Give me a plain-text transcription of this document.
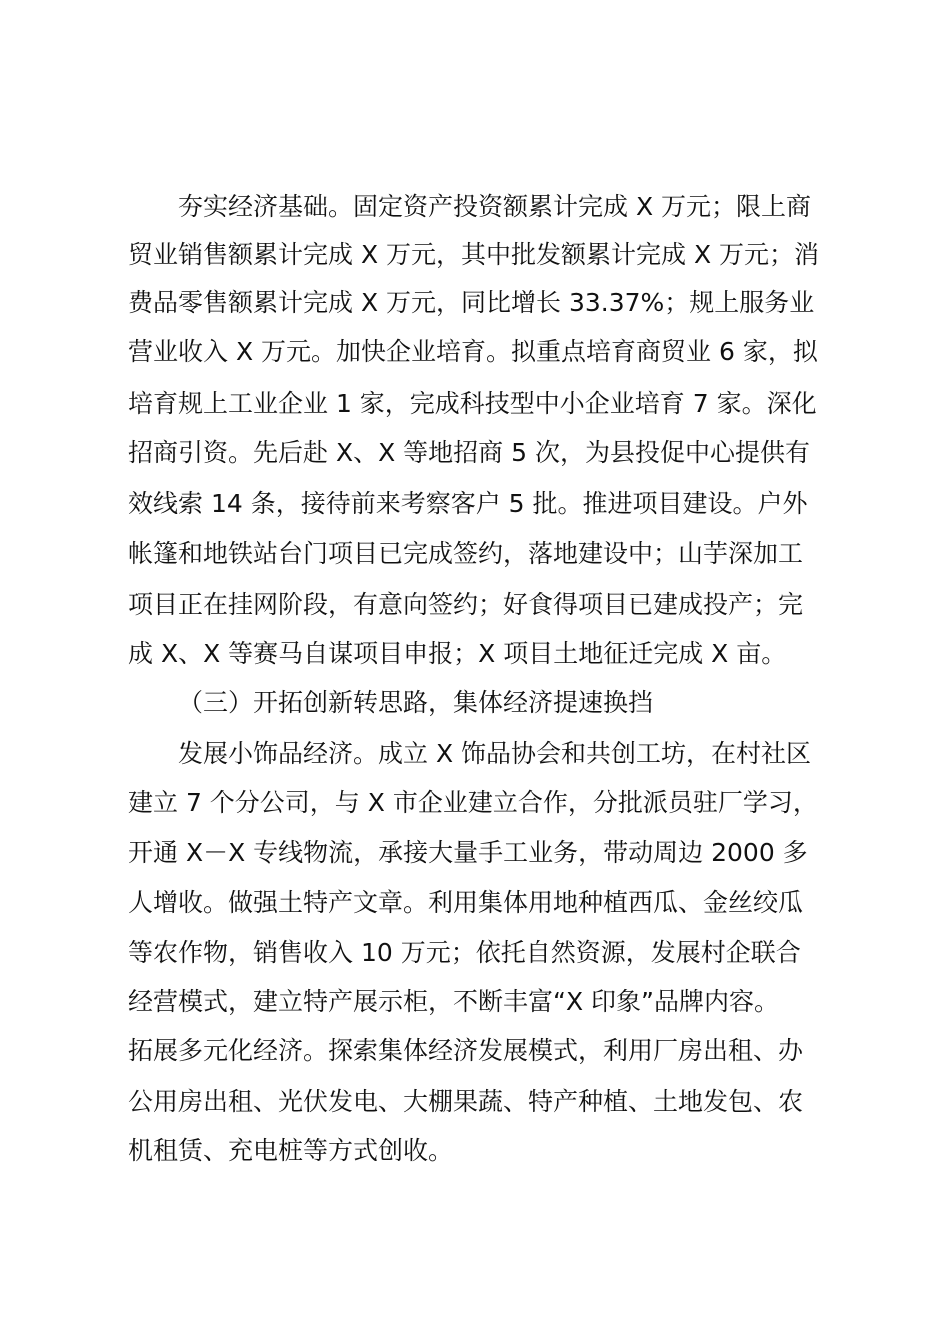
夯实经济基础。固定资产投资额累计完成 X 万元；限上商
贸业销售额累计完成 X 万元，其中批发额累计完成 X 万元；消
费品零售额累计完成 X 万元，同比增长 33.37%；规上服务业
营业收入 X 万元。加快企业培育。拟重点培育商贸业 6 家，拟
培育规上工业企业 1 家，完成科技型中小企业培育 7 家。深化
招商引资。先后赴 X、X 等地招商 5 次，为县投促中心提供有
效线索 14 条，接待前来考察客户 5 批。推进项目建设。户外
帐篷和地铁站台门项目已完成签约，落地建设中；山芋深加工
项目正在挂网阶段，有意向签约；好食得项目已建成投产；完
成 X、X 等赛马自谋项目申报；X 项目土地征迁完成 X 亩。
（三）开拓创新转思路，集体经济提速换挡
发展小饰品经济。成立 X 饰品协会和共创工坊，在村社区
建立 7 个分公司，与 X 市企业建立合作，分批派员驻厂学习，
开通 X－X 专线物流，承接大量手工业务，带动周边 2000 多
人增收。做强土特产文章。利用集体用地种植西瓜、金丝绞瓜
等农作物，销售收入 10 万元；依托自然资源，发展村企联合
经营模式，建立特产展示柜，不断丰富“X 印象”品牌内容。
拓展多元化经济。探索集体经济发展模式，利用厂房出租、办
公用房出租、光伏发电、大棚果蔬、特产种植、土地发包、农
机租赁、充电桩等方式创收。
